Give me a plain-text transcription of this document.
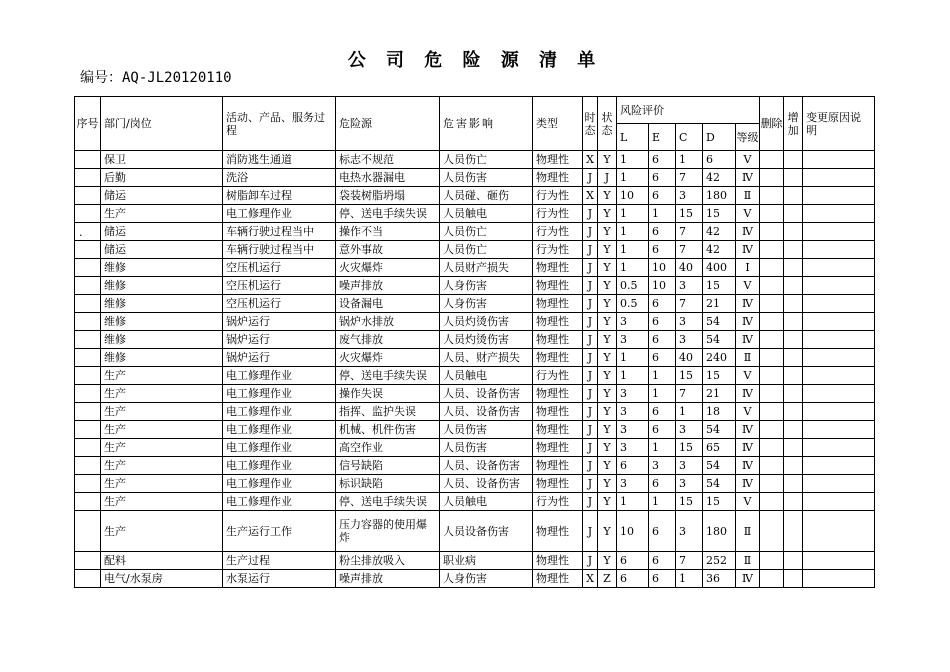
公 司 危 险 源 清 单
编号：AQ-JL20120110
.
序号	部门/岗位	活动、产品、服务过程	危险源	危害影响	类型	时态	状态	风险评价					删除	增加	变更原因说明
								L	E	C	D	等级			
	保卫	消防逃生通道	标志不规范	人员伤亡	物理性	X	Y	1	6	1	6	Ⅴ			
	后勤	洗浴	电热水器漏电	人员伤害	物理性	J	J	1	6	7	42	Ⅳ			
	储运	树脂卸车过程	袋装树脂坍塌	人员碰、砸伤	行为性	X	Y	10	6	3	180	Ⅱ			
	生产	电工修理作业	停、送电手续失误	人员触电	行为性	J	Y	1	1	15	15	Ⅴ			
	储运	车辆行驶过程当中	操作不当	人员伤亡	行为性	J	Y	1	6	7	42	Ⅳ			
	储运	车辆行驶过程当中	意外事故	人员伤亡	行为性	J	Y	1	6	7	42	Ⅳ			
	维修	空压机运行	火灾爆炸	人员财产损失	物理性	J	Y	1	10	40	400	Ⅰ			
	维修	空压机运行	噪声排放	人身伤害	物理性	J	Y	0.5	10	3	15	Ⅴ			
	维修	空压机运行	设备漏电	人身伤害	物理性	J	Y	0.5	6	7	21	Ⅳ			
	维修	锅炉运行	锅炉水排放	人员灼烫伤害	物理性	J	Y	3	6	3	54	Ⅳ			
	维修	锅炉运行	废气排放	人员灼烫伤害	物理性	J	Y	3	6	3	54	Ⅳ			
	维修	锅炉运行	火灾爆炸	人员、财产损失	物理性	J	Y	1	6	40	240	Ⅱ			
	生产	电工修理作业	停、送电手续失误	人员触电	行为性	J	Y	1	1	15	15	Ⅴ			
	生产	电工修理作业	操作失误	人员、设备伤害	物理性	J	Y	3	1	7	21	Ⅳ			
	生产	电工修理作业	指挥、监护失误	人员、设备伤害	物理性	J	Y	3	6	1	18	Ⅴ			
	生产	电工修理作业	机械、机件伤害	人员伤害	物理性	J	Y	3	6	3	54	Ⅳ			
	生产	电工修理作业	高空作业	人员伤害	物理性	J	Y	3	1	15	65	Ⅳ			
	生产	电工修理作业	信号缺陷	人员、设备伤害	物理性	J	Y	6	3	3	54	Ⅳ			
	生产	电工修理作业	标识缺陷	人员、设备伤害	物理性	J	Y	3	6	3	54	Ⅳ			
	生产	电工修理作业	停、送电手续失误	人员触电	行为性	J	Y	1	1	15	15	Ⅴ			
	生产	生产运行工作	压力容器的使用爆炸	人员设备伤害	物理性	J	Y	10	6	3	180	Ⅱ			
	配料	生产过程	粉尘排放吸入	职业病	物理性	J	Y	6	6	7	252	Ⅱ			
	电气/水泵房	水泵运行	噪声排放	人身伤害	物理性	X	Z	6	6	1	36	Ⅳ			
